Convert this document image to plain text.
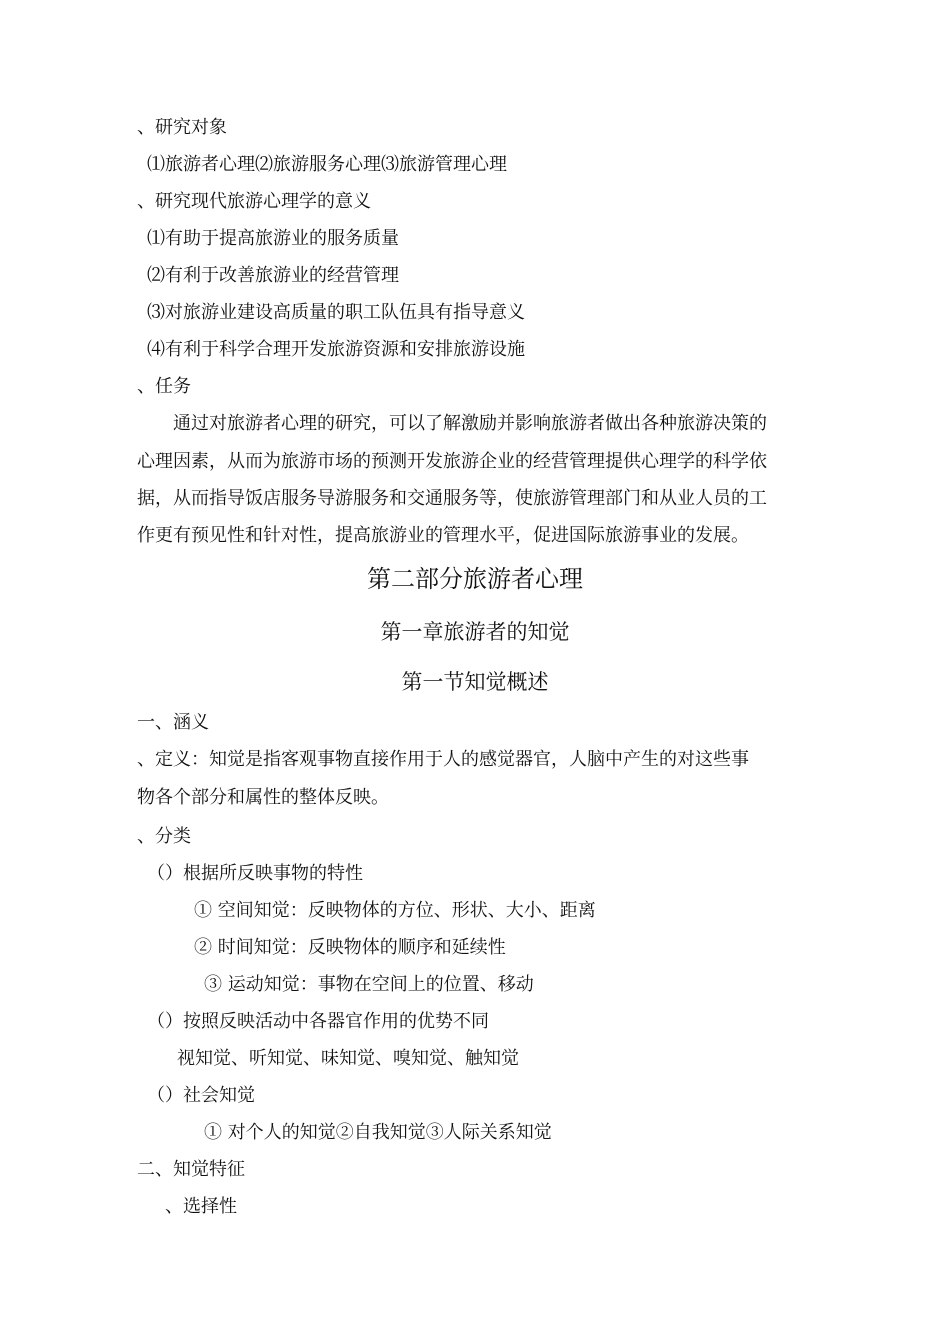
、研究对象
⑴旅游者心理⑵旅游服务心理⑶旅游管理心理
、研究现代旅游心理学的意义
⑴有助于提高旅游业的服务质量
⑵有利于改善旅游业的经营管理
⑶对旅游业建设高质量的职工队伍具有指导意义
⑷有利于科学合理开发旅游资源和安排旅游设施
、任务
通过对旅游者心理的研究，可以了解激励并影响旅游者做出各种旅游决策的
心理因素，从而为旅游市场的预测开发旅游企业的经营管理提供心理学的科学依
据，从而指导饭店服务导游服务和交通服务等，使旅游管理部门和从业人员的工
作更有预见性和针对性，提高旅游业的管理水平，促进国际旅游事业的发展。
第二部分旅游者心理
第一章旅游者的知觉
第一节知觉概述
一、涵义
、定义：知觉是指客观事物直接作用于人的感觉器官，人脑中产生的对这些事
物各个部分和属性的整体反映。
、分类
（）根据所反映事物的特性
① 空间知觉：反映物体的方位、形状、大小、距离
② 时间知觉：反映物体的顺序和延续性
③ 运动知觉：事物在空间上的位置、移动
（）按照反映活动中各器官作用的优势不同
视知觉、听知觉、味知觉、嗅知觉、触知觉
（）社会知觉
① 对个人的知觉②自我知觉③人际关系知觉
二、知觉特征
、选择性
